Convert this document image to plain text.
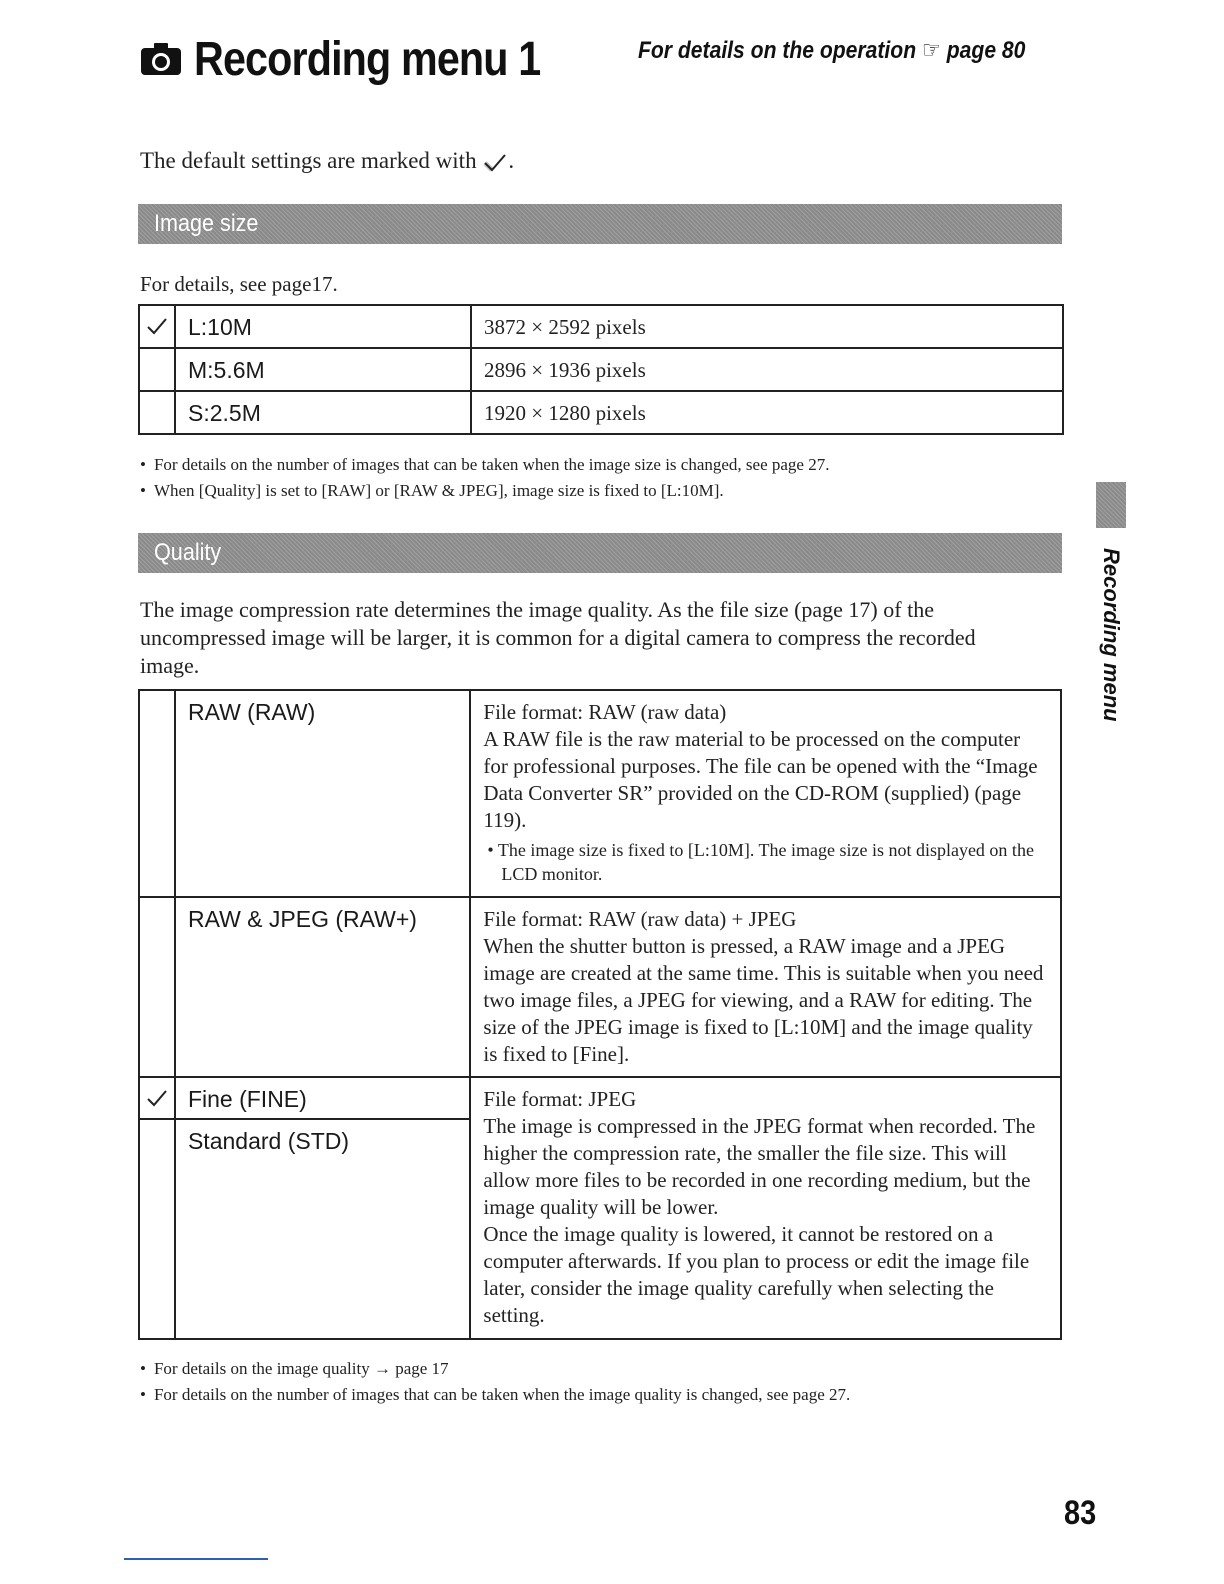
Recording menu 1	For details on the operation ☞ page 80
The default settings are marked with .
Image size
For details, see page17.
	L:10M	3872 × 2592 pixels
	M:5.6M	2896 × 1936 pixels
	S:2.5M	1920 × 1280 pixels
• For details on the number of images that can be taken when the image size is changed, see page 27.
• When [Quality] is set to [RAW] or [RAW & JPEG], image size is fixed to [L:10M].
Quality
The image compression rate determines the image quality. As the file size (page 17) of the uncompressed image will be larger, it is common for a digital camera to compress the recorded image.
	RAW (RAW)	File format: RAW (raw data)
A RAW file is the raw material to be processed on the computer for professional purposes. The file can be opened with the “Image Data Converter SR” provided on the CD-ROM (supplied) (page 119).
• The image size is fixed to [L:10M]. The image size is not displayed on the LCD monitor.

	RAW & JPEG (RAW+)	File format: RAW (raw data) + JPEG
When the shutter button is pressed, a RAW image and a JPEG image are created at the same time. This is suitable when you need two image files, a JPEG for viewing, and a RAW for editing. The size of the JPEG image is fixed to [L:10M] and the image quality is fixed to [Fine].

	Fine (FINE)	File format: JPEG
The image is compressed in the JPEG format when recorded. The higher the compression rate, the smaller the file size. This will allow more files to be recorded in one recording medium, but the image quality will be lower.
Once the image quality is lowered, it cannot be restored on a computer afterwards. If you plan to process or edit the image file later, consider the image quality carefully when selecting the setting.

	Standard (STD)	
• For details on the image quality → page 17
• For details on the number of images that can be taken when the image quality is changed, see page 27.
Recording menu
83
